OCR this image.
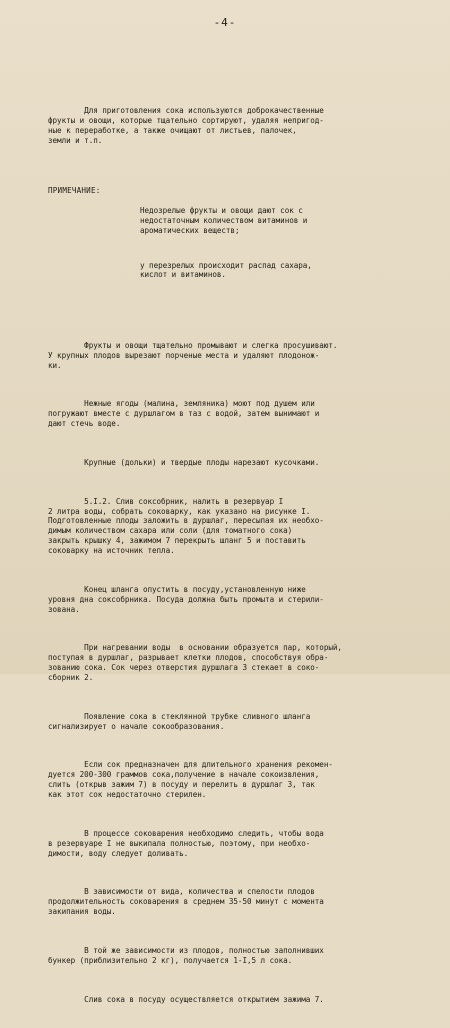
-4-

Для приготовления сока используются доброкачественные
фрукты и овощи, которые тщательно сортируют, удаляя непригод-
ные к переработке, а также очищают от листьев, палочек,
земли и т.п.

ПРИМЕЧАНИЕ:

Недозрелые фрукты и овощи дают сок с
недостаточным количеством витаминов и
ароматических веществ;

у перезрелых происходит распад сахара,
кислот и витаминов.

Фрукты и овощи тщательно промывают и слегка просушивают.
У крупных плодов вырезают порченые места и удаляют плодонож-
ки.

Нежные ягоды (малина, земляника) моют под душем или
погружают вместе с дуршлагом в таз с водой, затем вынимают и
дают стечь воде.

Крупные (дольки) и твердые плоды нарезают кусочками.

5.I.2. Слив соксобрник, налить в резервуар I
2 литра воды, собрать соковарку, как указано на рисунке I.
Подготовленные плоды заложить в дуршлаг, пересыпая их необхо-
димым количеством сахара или соли (для томатного сока)
закрыть крышку 4, зажимом 7 перекрыть шланг 5 и поставить
соковарку на источник тепла.

Конец шланга опустить в посуду,установленную ниже
уровня дна соксобрника. Посуда должна быть промыта и стерили-
зована.

При нагревании воды  в основании образуется пар, который,
поступая в дуршлаг, разрывает клетки плодов, способствуя обра-
зованию сока. Сок через отверстия дуршлага 3 стекает в соко-
сборник 2.

Появление сока в стеклянной трубке сливного шланга
сигнализирует о начале сокообразования.

Если сок предназначен для длительного хранения рекомен-
дуется 200-300 граммов сока,получение в начале сокоизвления,
слить (открыв зажим 7) в посуду и перелить в дуршлаг 3, так
как этот сок недостаточно стерилен.

В процессе соковарения необходимо следить, чтобы вода
в резервуаре I не выкипала полностью, поэтому, при необхо-
димости, воду следует доливать.

В зависимости от вида, количества и спелости плодов
продолжительность соковарения в среднем 35-50 минут с момента
закипания воды.

В той же зависимости из плодов, полностью заполнивших
бункер (приблизительно 2 кг), получается 1-I,5 л сока.

Слив сока в посуду осуществляется открытием зажима 7.
